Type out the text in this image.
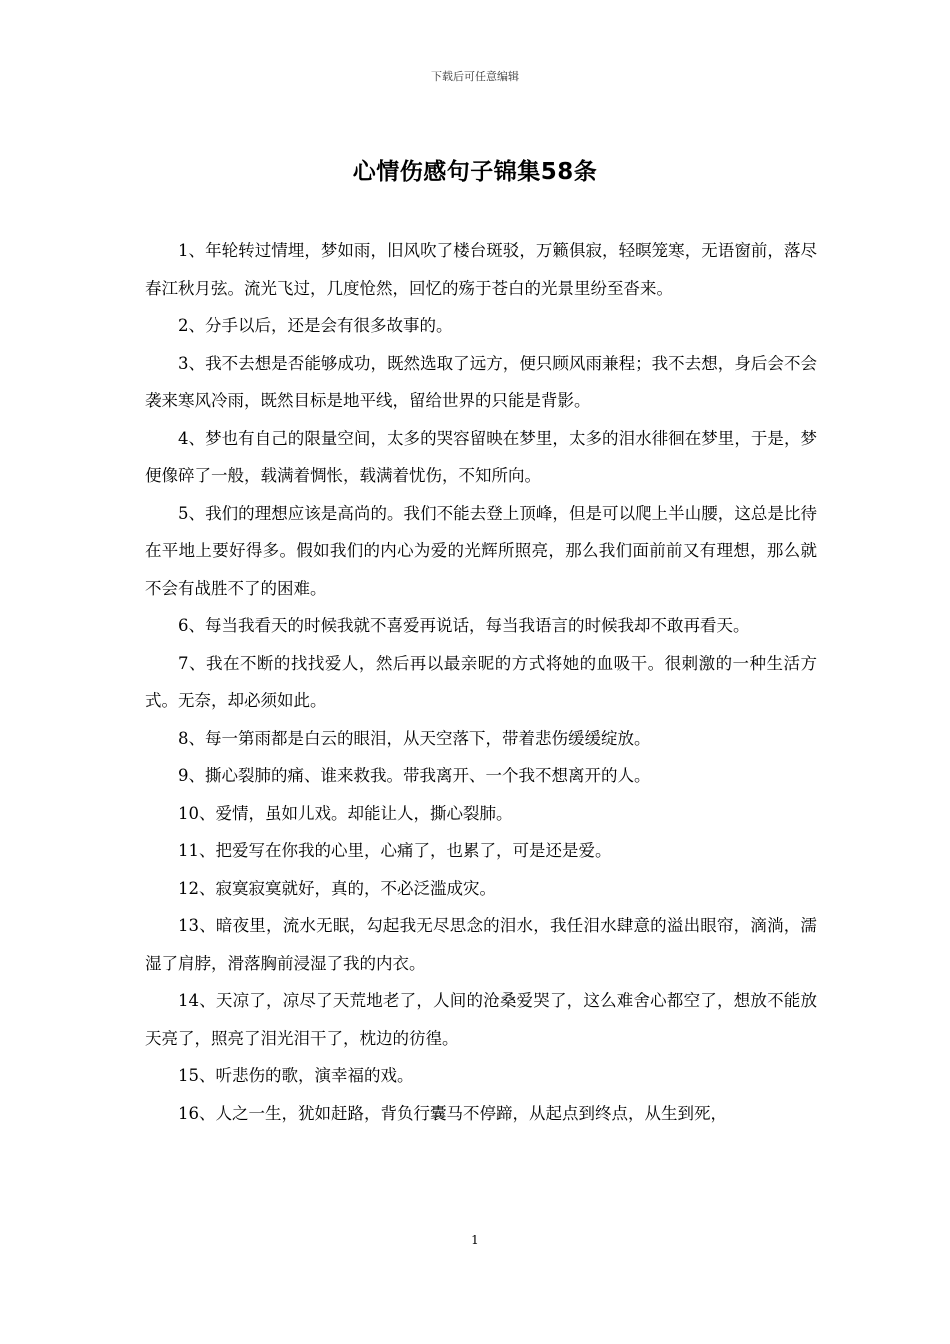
下载后可任意编辑
心情伤感句子锦集58条

1、年轮转过情埋，梦如雨，旧风吹了楼台斑驳，万籁俱寂，轻暝笼寒，无语窗前，落尽春江秋月弦。流光飞过，几度怆然，回忆的殇于苍白的光景里纷至沓来。

2、分手以后，还是会有很多故事的。

3、我不去想是否能够成功，既然选取了远方，便只顾风雨兼程；我不去想，身后会不会袭来寒风冷雨，既然目标是地平线，留给世界的只能是背影。

4、梦也有自己的限量空间，太多的哭容留映在梦里，太多的泪水徘徊在梦里，于是，梦便像碎了一般，载满着惆怅，载满着忧伤，不知所向。

5、我们的理想应该是高尚的。我们不能去登上顶峰，但是可以爬上半山腰，这总是比待在平地上要好得多。假如我们的内心为爱的光辉所照亮，那么我们面前前又有理想，那么就不会有战胜不了的困难。

6、每当我看天的时候我就不喜爱再说话，每当我语言的时候我却不敢再看天。

7、我在不断的找找爱人，然后再以最亲昵的方式将她的血吸干。很刺激的一种生活方式。无奈，却必须如此。

8、每一第雨都是白云的眼泪，从天空落下，带着悲伤缓缓绽放。

9、撕心裂肺的痛、谁来救我。带我离开、一个我不想离开的人。

10、爱情，虽如儿戏。却能让人，撕心裂肺。

11、把爱写在你我的心里，心痛了，也累了，可是还是爱。

12、寂寞寂寞就好，真的，不必泛滥成灾。

13、暗夜里，流水无眠，勾起我无尽思念的泪水，我任泪水肆意的溢出眼帘，滴淌，濡湿了肩脖，滑落胸前浸湿了我的内衣。

14、天凉了，凉尽了天荒地老了，人间的沧桑爱哭了，这么难舍心都空了，想放不能放天亮了，照亮了泪光泪干了，枕边的彷徨。

15、听悲伤的歌，演幸福的戏。

16、人之一生，犹如赶路，背负行囊马不停蹄，从起点到终点，从生到死，

1
